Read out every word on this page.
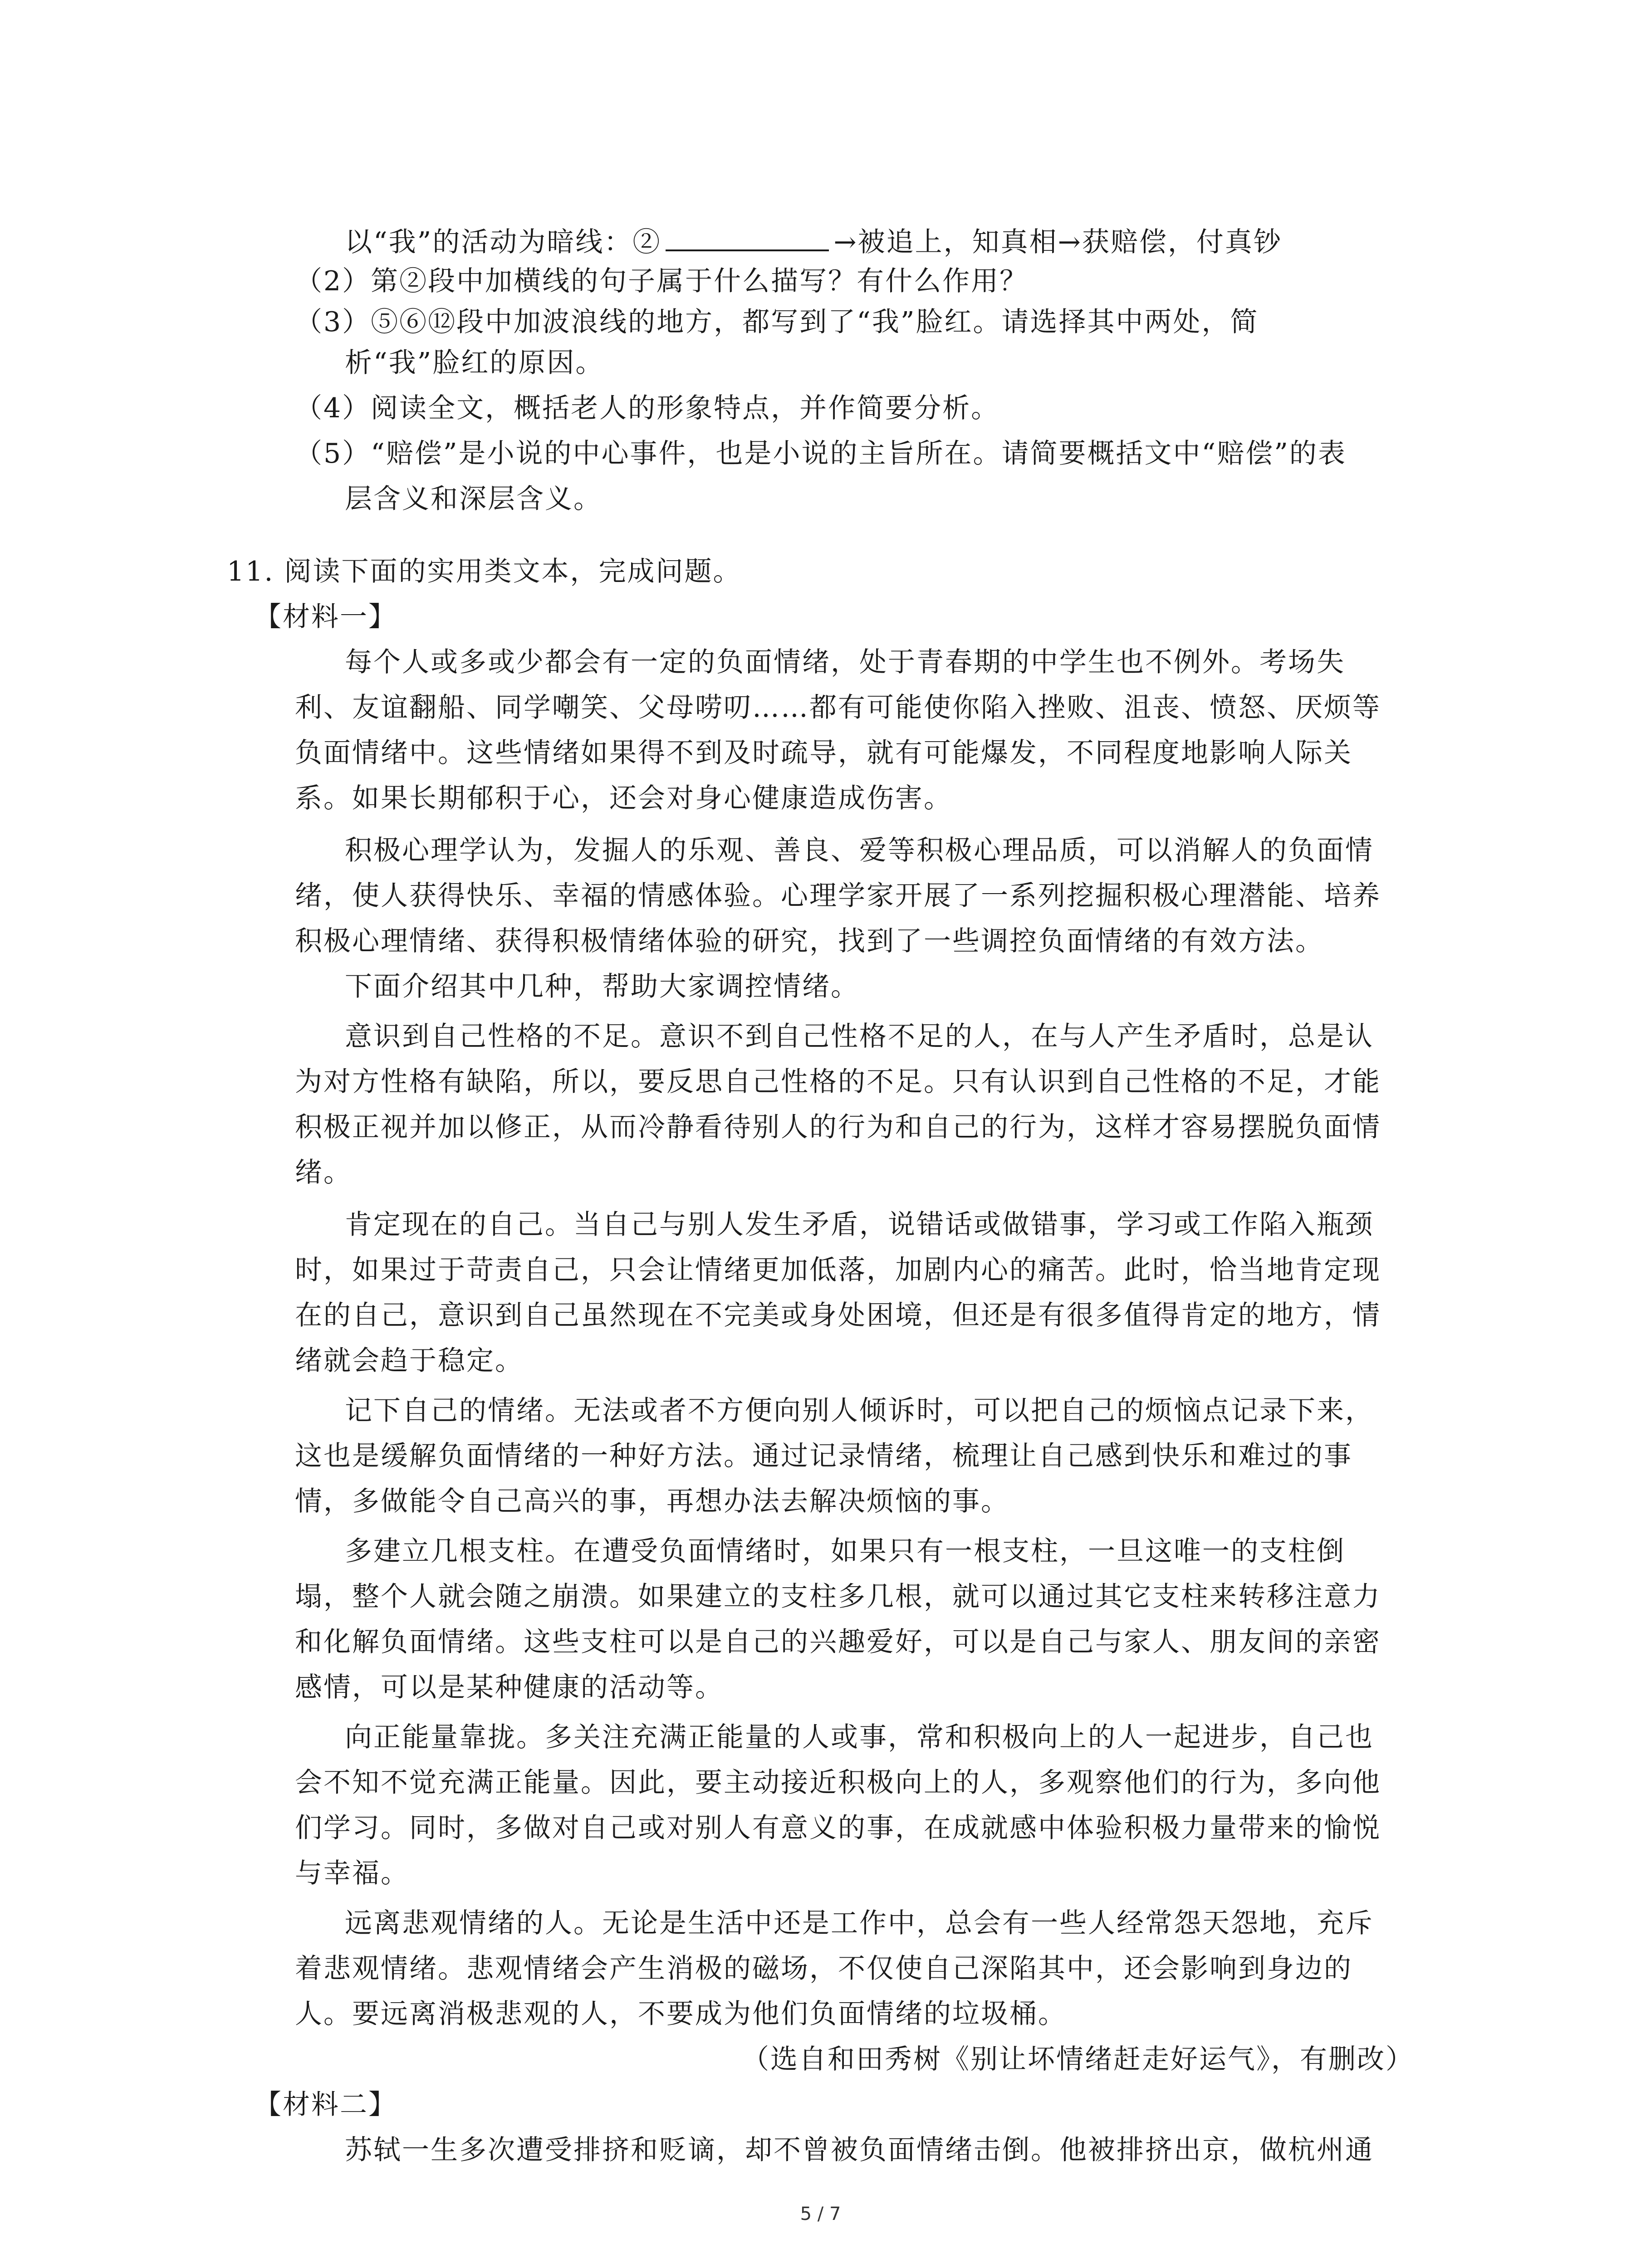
以“我”的活动为暗线：②	→被追上，知真相→获赔偿，付真钞
（2）第②段中加横线的句子属于什么描写？有什么作用？
（3）⑤⑥⑫段中加波浪线的地方，都写到了“我”脸红。请选择其中两处，简
析“我”脸红的原因。
（4）阅读全文，概括老人的形象特点，并作简要分析。
（5）“赔偿”是小说的中心事件，也是小说的主旨所在。请简要概括文中“赔偿”的表
层含义和深层含义。
11. 阅读下面的实用类文本，完成问题。
【材料一】
每个人或多或少都会有一定的负面情绪，处于青春期的中学生也不例外。考场失
利、友谊翻船、同学嘲笑、父母唠叨……都有可能使你陷入挫败、沮丧、愤怒、厌烦等
负面情绪中。这些情绪如果得不到及时疏导，就有可能爆发，不同程度地影响人际关
系。如果长期郁积于心，还会对身心健康造成伤害。
积极心理学认为，发掘人的乐观、善良、爱等积极心理品质，可以消解人的负面情
绪，使人获得快乐、幸福的情感体验。心理学家开展了一系列挖掘积极心理潜能、培养
积极心理情绪、获得积极情绪体验的研究，找到了一些调控负面情绪的有效方法。
下面介绍其中几种，帮助大家调控情绪。
意识到自己性格的不足。意识不到自己性格不足的人，在与人产生矛盾时，总是认
为对方性格有缺陷，所以，要反思自己性格的不足。只有认识到自己性格的不足，才能
积极正视并加以修正，从而冷静看待别人的行为和自己的行为，这样才容易摆脱负面情
绪。
肯定现在的自己。当自己与别人发生矛盾，说错话或做错事，学习或工作陷入瓶颈
时，如果过于苛责自己，只会让情绪更加低落，加剧内心的痛苦。此时，恰当地肯定现
在的自己，意识到自己虽然现在不完美或身处困境，但还是有很多值得肯定的地方，情
绪就会趋于稳定。
记下自己的情绪。无法或者不方便向别人倾诉时，可以把自己的烦恼点记录下来，
这也是缓解负面情绪的一种好方法。通过记录情绪，梳理让自己感到快乐和难过的事
情，多做能令自己高兴的事，再想办法去解决烦恼的事。
多建立几根支柱。在遭受负面情绪时，如果只有一根支柱，一旦这唯一的支柱倒
塌，整个人就会随之崩溃。如果建立的支柱多几根，就可以通过其它支柱来转移注意力
和化解负面情绪。这些支柱可以是自己的兴趣爱好，可以是自己与家人、朋友间的亲密
感情，可以是某种健康的活动等。
向正能量靠拢。多关注充满正能量的人或事，常和积极向上的人一起进步，自己也
会不知不觉充满正能量。因此，要主动接近积极向上的人，多观察他们的行为，多向他
们学习。同时，多做对自己或对别人有意义的事，在成就感中体验积极力量带来的愉悦
与幸福。
远离悲观情绪的人。无论是生活中还是工作中，总会有一些人经常怨天怨地，充斥
着悲观情绪。悲观情绪会产生消极的磁场，不仅使自己深陷其中，还会影响到身边的
人。要远离消极悲观的人，不要成为他们负面情绪的垃圾桶。
（选自和田秀树《别让坏情绪赶走好运气》，有删改）
【材料二】
苏轼一生多次遭受排挤和贬谪，却不曾被负面情绪击倒。他被排挤出京，做杭州通
5 / 7
